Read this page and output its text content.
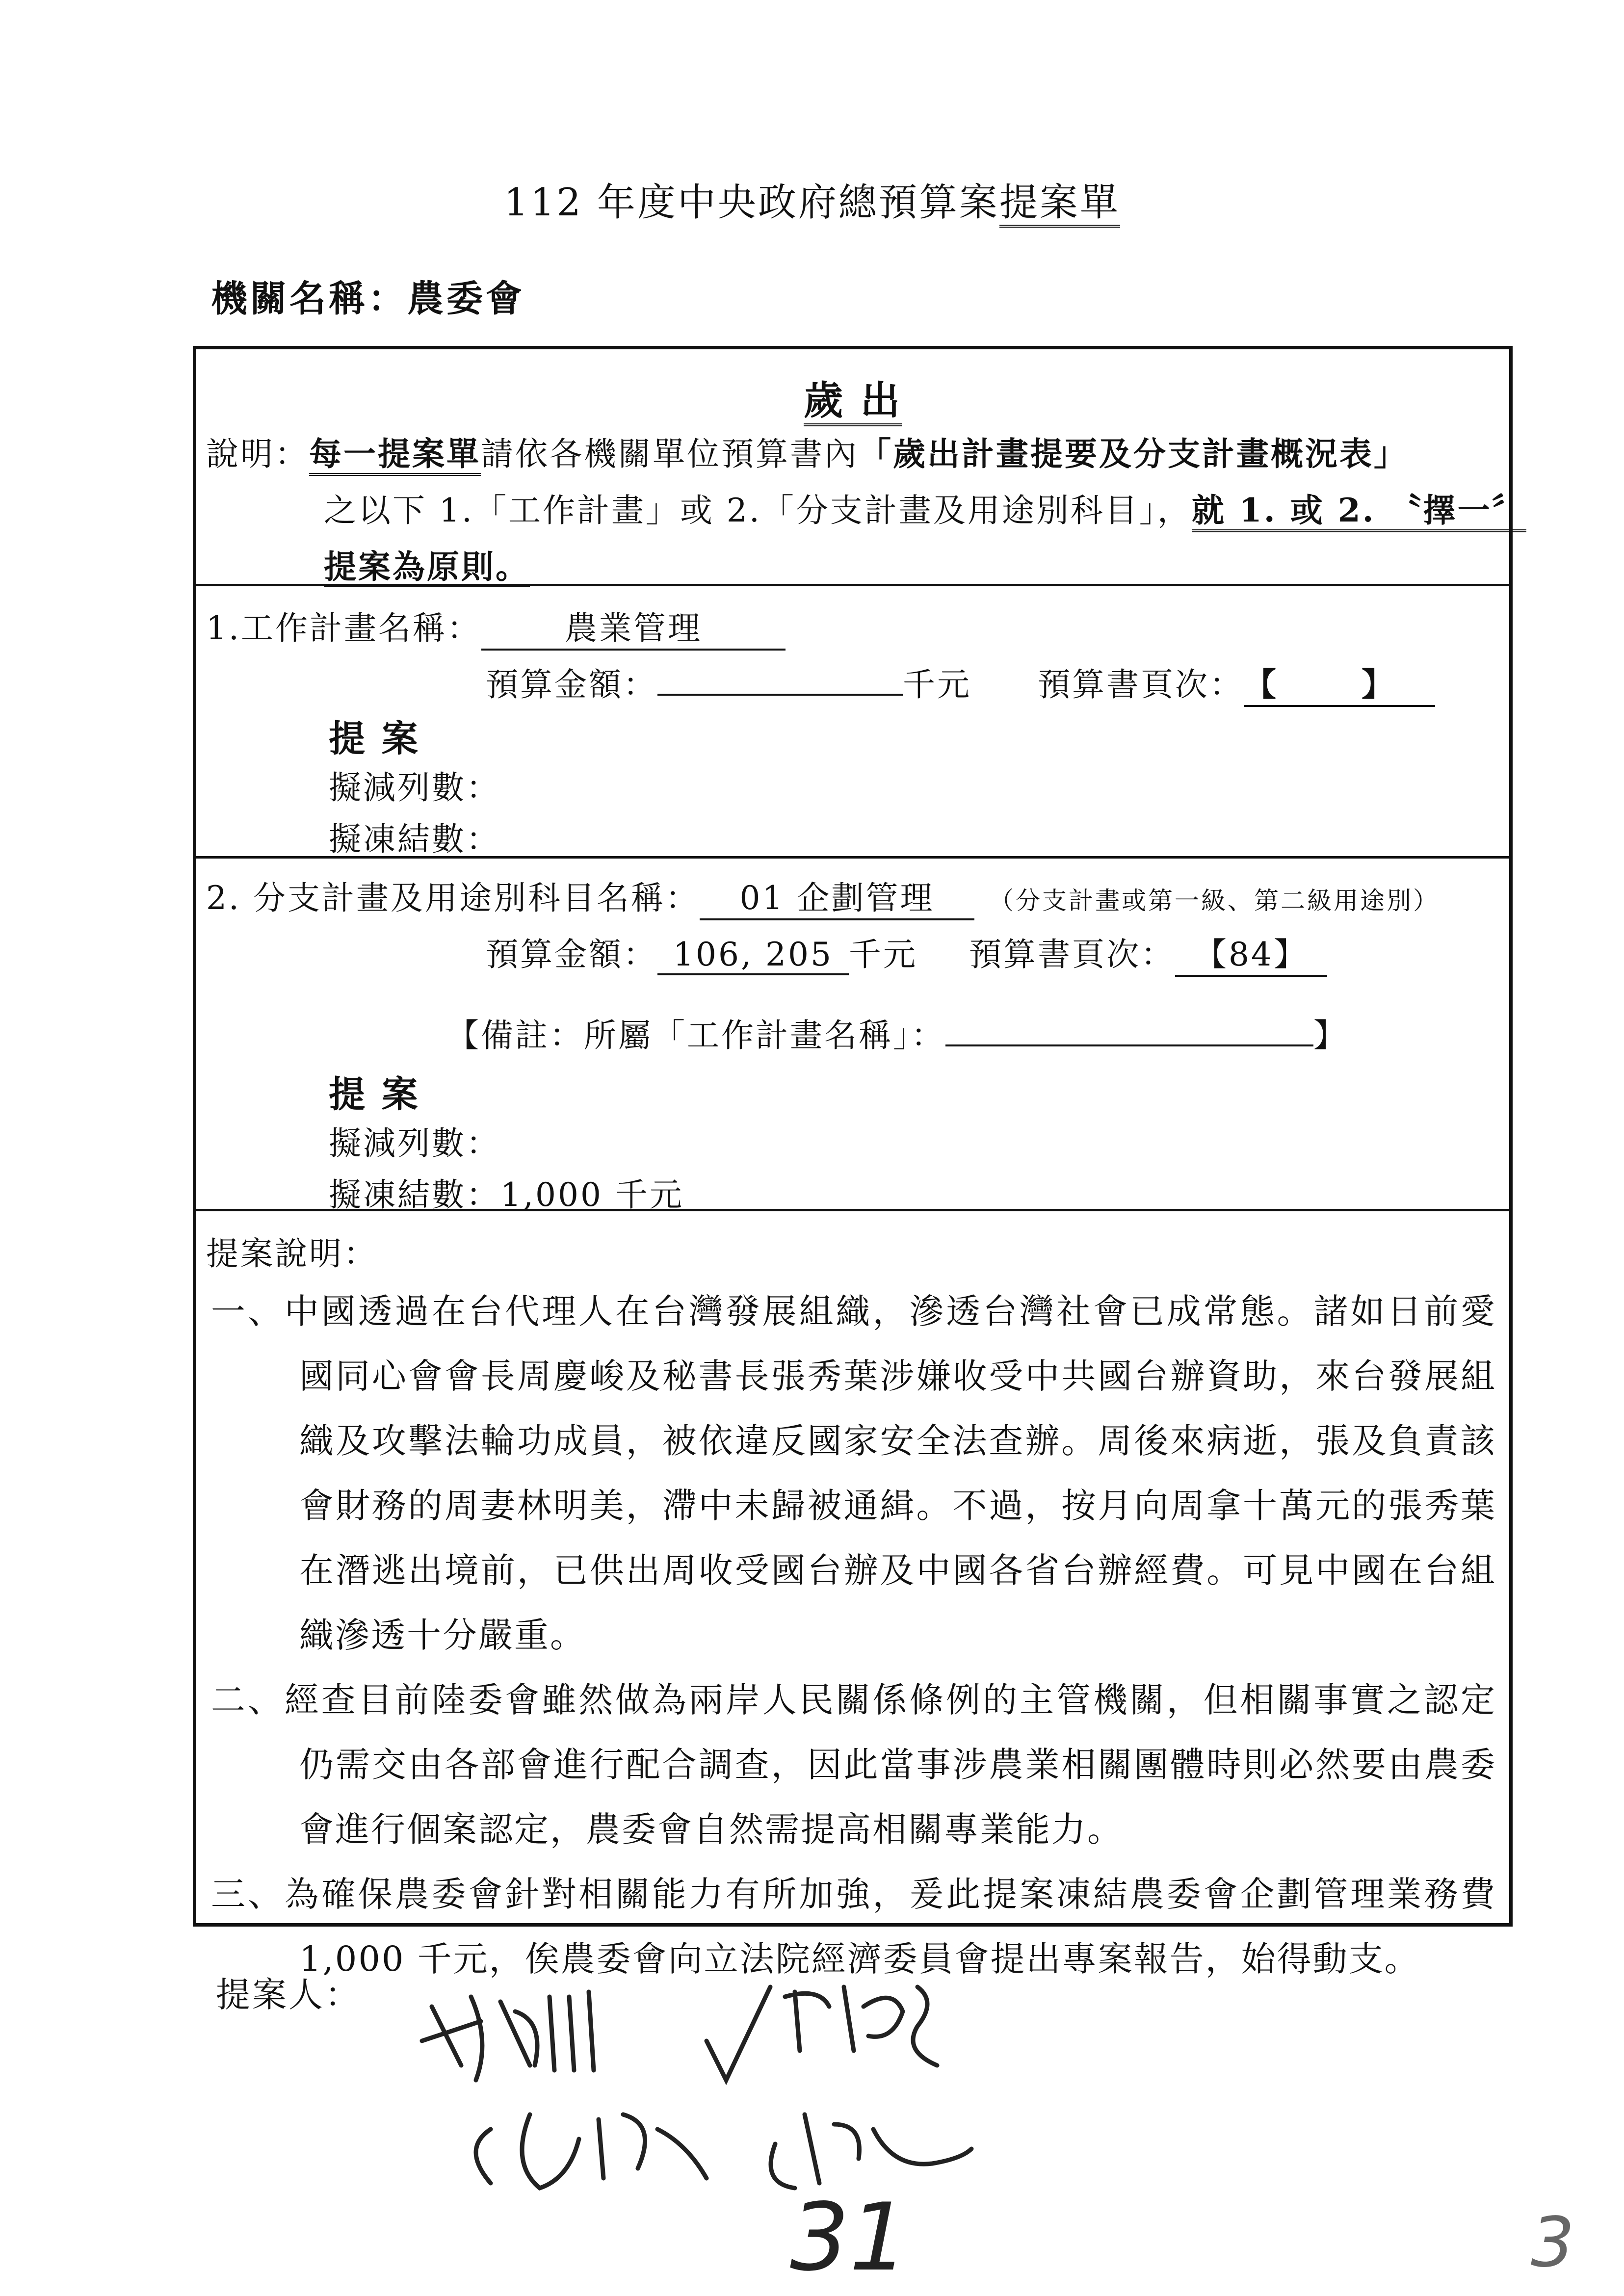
112 年度中央政府總預算案提案單
機關名稱：農委會
歲 出
說明：每一提案單請依各機關單位預算書內「歲出計畫提要及分支計畫概況表」
之以下 1.「工作計畫」或 2.「分支計畫及用途別科目」，就 1. 或 2. 〝擇一〞
提案為原則。
1.工作計畫名稱：	農業管理
預算金額：	千元 預算書頁次：【	】
提 案
擬減列數：
擬凍結數：
2. 分支計畫及用途別科目名稱： 01 企劃管理 （分支計畫或第一級、第二級用途別）
預算金額： 106, 205 千元 預算書頁次： 【84】
【備註：所屬「工作計畫名稱」：	】
提 案
擬減列數：
擬凍結數：1,000 千元
提案說明：
一、中國透過在台代理人在台灣發展組織，滲透台灣社會已成常態。諸如日前愛國同心會會長周慶峻及秘書長張秀葉涉嫌收受中共國台辦資助，來台發展組織及攻擊法輪功成員，被依違反國家安全法查辦。周後來病逝，張及負責該會財務的周妻林明美，滯中未歸被通緝。不過，按月向周拿十萬元的張秀葉在潛逃出境前，已供出周收受國台辦及中國各省台辦經費。可見中國在台組織滲透十分嚴重。
二、經查目前陸委會雖然做為兩岸人民關係條例的主管機關，但相關事實之認定仍需交由各部會進行配合調查，因此當事涉農業相關團體時則必然要由農委會進行個案認定，農委會自然需提高相關專業能力。
三、為確保農委會針對相關能力有所加強，爰此提案凍結農委會企劃管理業務費 1,000 千元，俟農委會向立法院經濟委員會提出專案報告，始得動支。
提案人：
31	3
